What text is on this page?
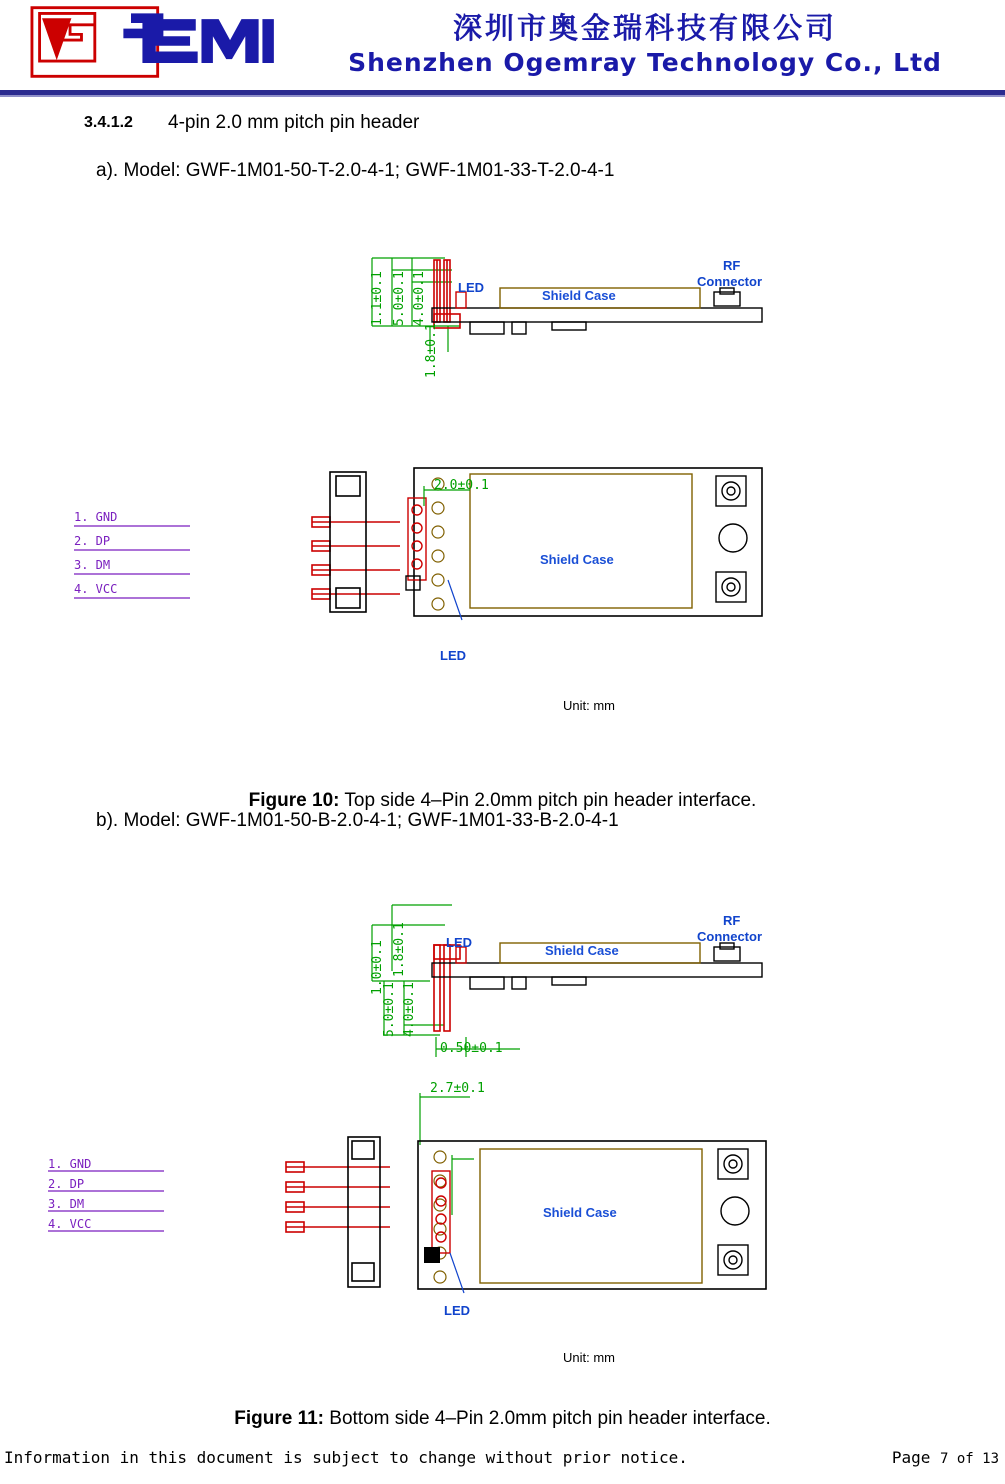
深圳市奥金瑞科技有限公司
Shenzhen Ogemray Technology Co., Ltd
3.4.1.2 4-pin 2.0 mm pitch pin header
a). Model: GWF-1M01-50-T-2.0-4-1; GWF-1M01-33-T-2.0-4-1
1.1±0.1 5.0±0.1 4.0±0.1
1.8±0.1
LED
Shield Case
RF
Connector
1. GND
2. DP
3. DM
4. VCC
2.0±0.1
Shield Case
LED
Unit: mm
Figure 10: Top side 4–Pin 2.0mm pitch pin header interface.
b). Model: GWF-1M01-50-B-2.0-4-1; GWF-1M01-33-B-2.0-4-1
1.0±0.1 1.8±0.1
5.0±0.1 4.0±0.1
0.50±0.1
LED
Shield Case
RF
Connector
2.7±0.1
1. GND
2. DP
3. DM
4. VCC
Shield Case
LED
Unit: mm
Figure 11: Bottom side 4–Pin 2.0mm pitch pin header interface.
Information in this document is subject to change without prior notice.	Page 7 of 13
